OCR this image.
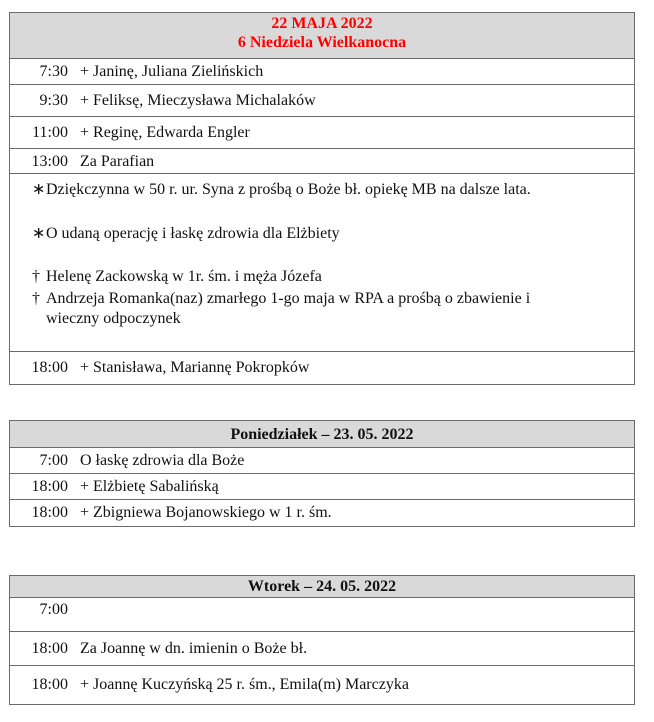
22 MAJA 2022
6 Niedziela Wielkanocna
7:30 + Janinę, Juliana Zielińskich
9:30 + Feliksę, Mieczysława Michalaków
11:00 + Reginę, Edwarda Engler
13:00 Za Parafian
∗ Dziękczynna w 50 r. ur. Syna z prośbą o Boże bł. opiekę MB na dalsze lata.
∗ O udaną operację i łaskę zdrowia dla Elżbiety
† Helenę Zackowską w 1r. śm. i męża Józefa
† Andrzeja Romanka(naz) zmarłego 1-go maja w RPA a prośbą o zbawienie i wieczny odpoczynek
18:00 + Stanisława, Mariannę Pokropków
Poniedziałek – 23. 05. 2022
7:00 O łaskę zdrowia dla Boże
18:00 + Elżbietę Sabalińską
18:00 + Zbigniewa Bojanowskiego w 1 r. śm.
Wtorek – 24. 05. 2022
7:00
18:00 Za Joannę w dn. imienin o Boże bł.
18:00 + Joannę Kuczyńską 25 r. śm., Emila(m) Marczyka
